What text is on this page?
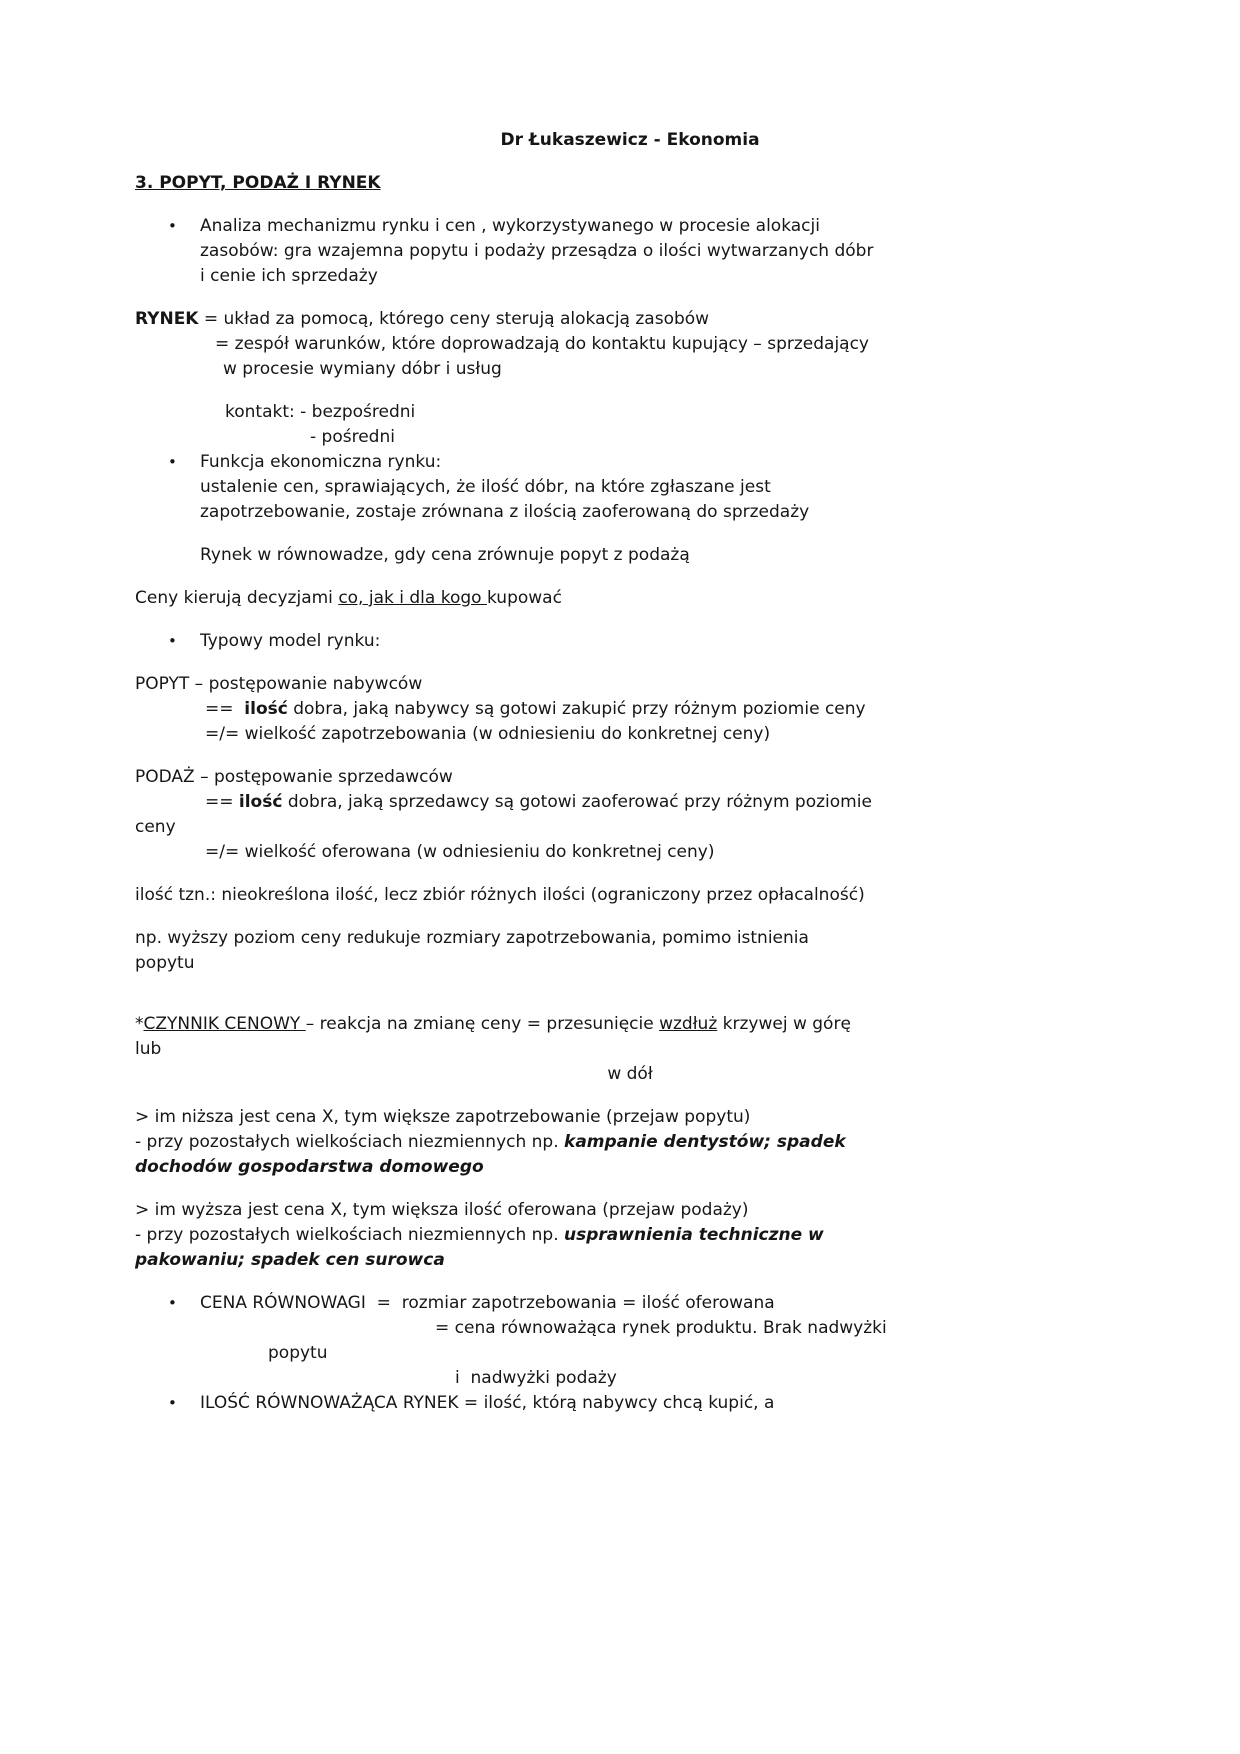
Dr Łukaszewicz - Ekonomia

3. POPYT, PODAŻ I RYNEK

• Analiza mechanizmu rynku i cen , wykorzystywanego w procesie alokacji
zasobów: gra wzajemna popytu i podaży przesądza o ilości wytwarzanych dóbr
i cenie ich sprzedaży

RYNEK = układ za pomocą, którego ceny sterują alokacją zasobów
= zespół warunków, które doprowadzają do kontaktu kupujący – sprzedający
w procesie wymiany dóbr i usług

kontakt: - bezpośredni
- pośredni
• Funkcja ekonomiczna rynku:
ustalenie cen, sprawiających, że ilość dóbr, na które zgłaszane jest
zapotrzebowanie, zostaje zrównana z ilością zaoferowaną do sprzedaży

Rynek w równowadze, gdy cena zrównuje popyt z podażą

Ceny kierują decyzjami co, jak i dla kogo kupować

• Typowy model rynku:

POPYT – postępowanie nabywców
==  ilość dobra, jaką nabywcy są gotowi zakupić przy różnym poziomie ceny
=/= wielkość zapotrzebowania (w odniesieniu do konkretnej ceny)

PODAŻ – postępowanie sprzedawców
== ilość dobra, jaką sprzedawcy są gotowi zaoferować przy różnym poziomie
ceny
=/= wielkość oferowana (w odniesieniu do konkretnej ceny)

ilość tzn.: nieokreślona ilość, lecz zbiór różnych ilości (ograniczony przez opłacalność)

np. wyższy poziom ceny redukuje rozmiary zapotrzebowania, pomimo istnienia
popytu

*CZYNNIK CENOWY – reakcja na zmianę ceny = przesunięcie wzdłuż krzywej w górę
lub
w dół

> im niższa jest cena X, tym większe zapotrzebowanie (przejaw popytu)
- przy pozostałych wielkościach niezmiennych np. kampanie dentystów; spadek
dochodów gospodarstwa domowego

> im wyższa jest cena X, tym większa ilość oferowana (przejaw podaży)
- przy pozostałych wielkościach niezmiennych np. usprawnienia techniczne w
pakowaniu; spadek cen surowca

• CENA RÓWNOWAGI  =  rozmiar zapotrzebowania = ilość oferowana
= cena równoważąca rynek produktu. Brak nadwyżki
popytu
i  nadwyżki podaży
• ILOŚĆ RÓWNOWAŻĄCA RYNEK = ilość, którą nabywcy chcą kupić, a
